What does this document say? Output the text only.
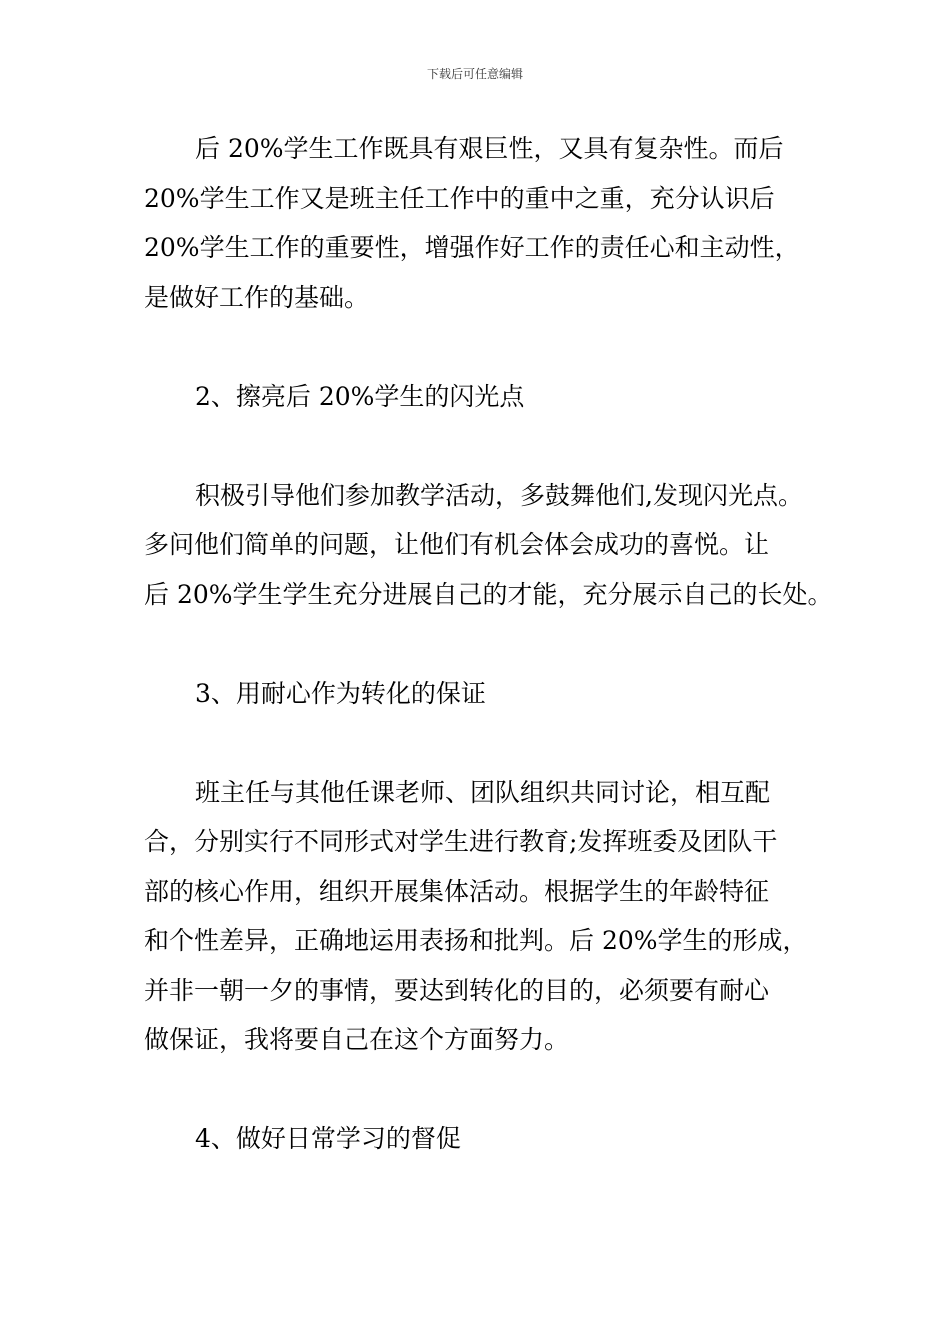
下载后可任意编辑
后 20%学生工作既具有艰巨性，又具有复杂性。而后
20%学生工作又是班主任工作中的重中之重，充分认识后
20%学生工作的重要性，增强作好工作的责任心和主动性，
是做好工作的基础。
2、擦亮后 20%学生的闪光点
积极引导他们参加教学活动，多鼓舞他们,发现闪光点。
多问他们简单的问题，让他们有机会体会成功的喜悦。让
后 20%学生学生充分进展自己的才能，充分展示自己的长处。
3、用耐心作为转化的保证
班主任与其他任课老师、团队组织共同讨论，相互配
合，分别实行不同形式对学生进行教育;发挥班委及团队干
部的核心作用，组织开展集体活动。根据学生的年龄特征
和个性差异，正确地运用表扬和批判。后 20%学生的形成，
并非一朝一夕的事情，要达到转化的目的，必须要有耐心
做保证，我将要自己在这个方面努力。
4、做好日常学习的督促
